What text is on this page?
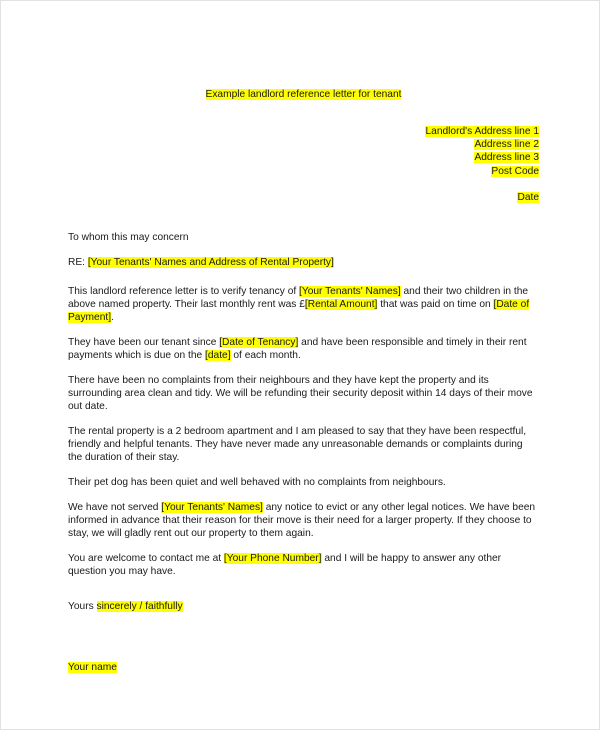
Example landlord reference letter for tenant
Landlord's Address line 1
Address line 2
Address line 3
Post Code
Date

To whom this may concern

RE: [Your Tenants' Names and Address of Rental Property]

This landlord reference letter is to verify tenancy of [Your Tenants' Names] and their two children in the above named property. Their last monthly rent was £[Rental Amount] that was paid on time on [Date of Payment].

They have been our tenant since [Date of Tenancy] and have been responsible and timely in their rent payments which is due on the [date] of each month.

There have been no complaints from their neighbours and they have kept the property and its surrounding area clean and tidy. We will be refunding their security deposit within 14 days of their move out date.

The rental property is a 2 bedroom apartment and I am pleased to say that they have been respectful, friendly and helpful tenants. They have never made any unreasonable demands or complaints during the duration of their stay.

Their pet dog has been quiet and well behaved with no complaints from neighbours.

We have not served [Your Tenants' Names] any notice to evict or any other legal notices. We have been informed in advance that their reason for their move is their need for a larger property. If they choose to stay, we will gladly rent out our property to them again.

You are welcome to contact me at [Your Phone Number] and I will be happy to answer any other question you may have.

Yours sincerely / faithfully

Your name
